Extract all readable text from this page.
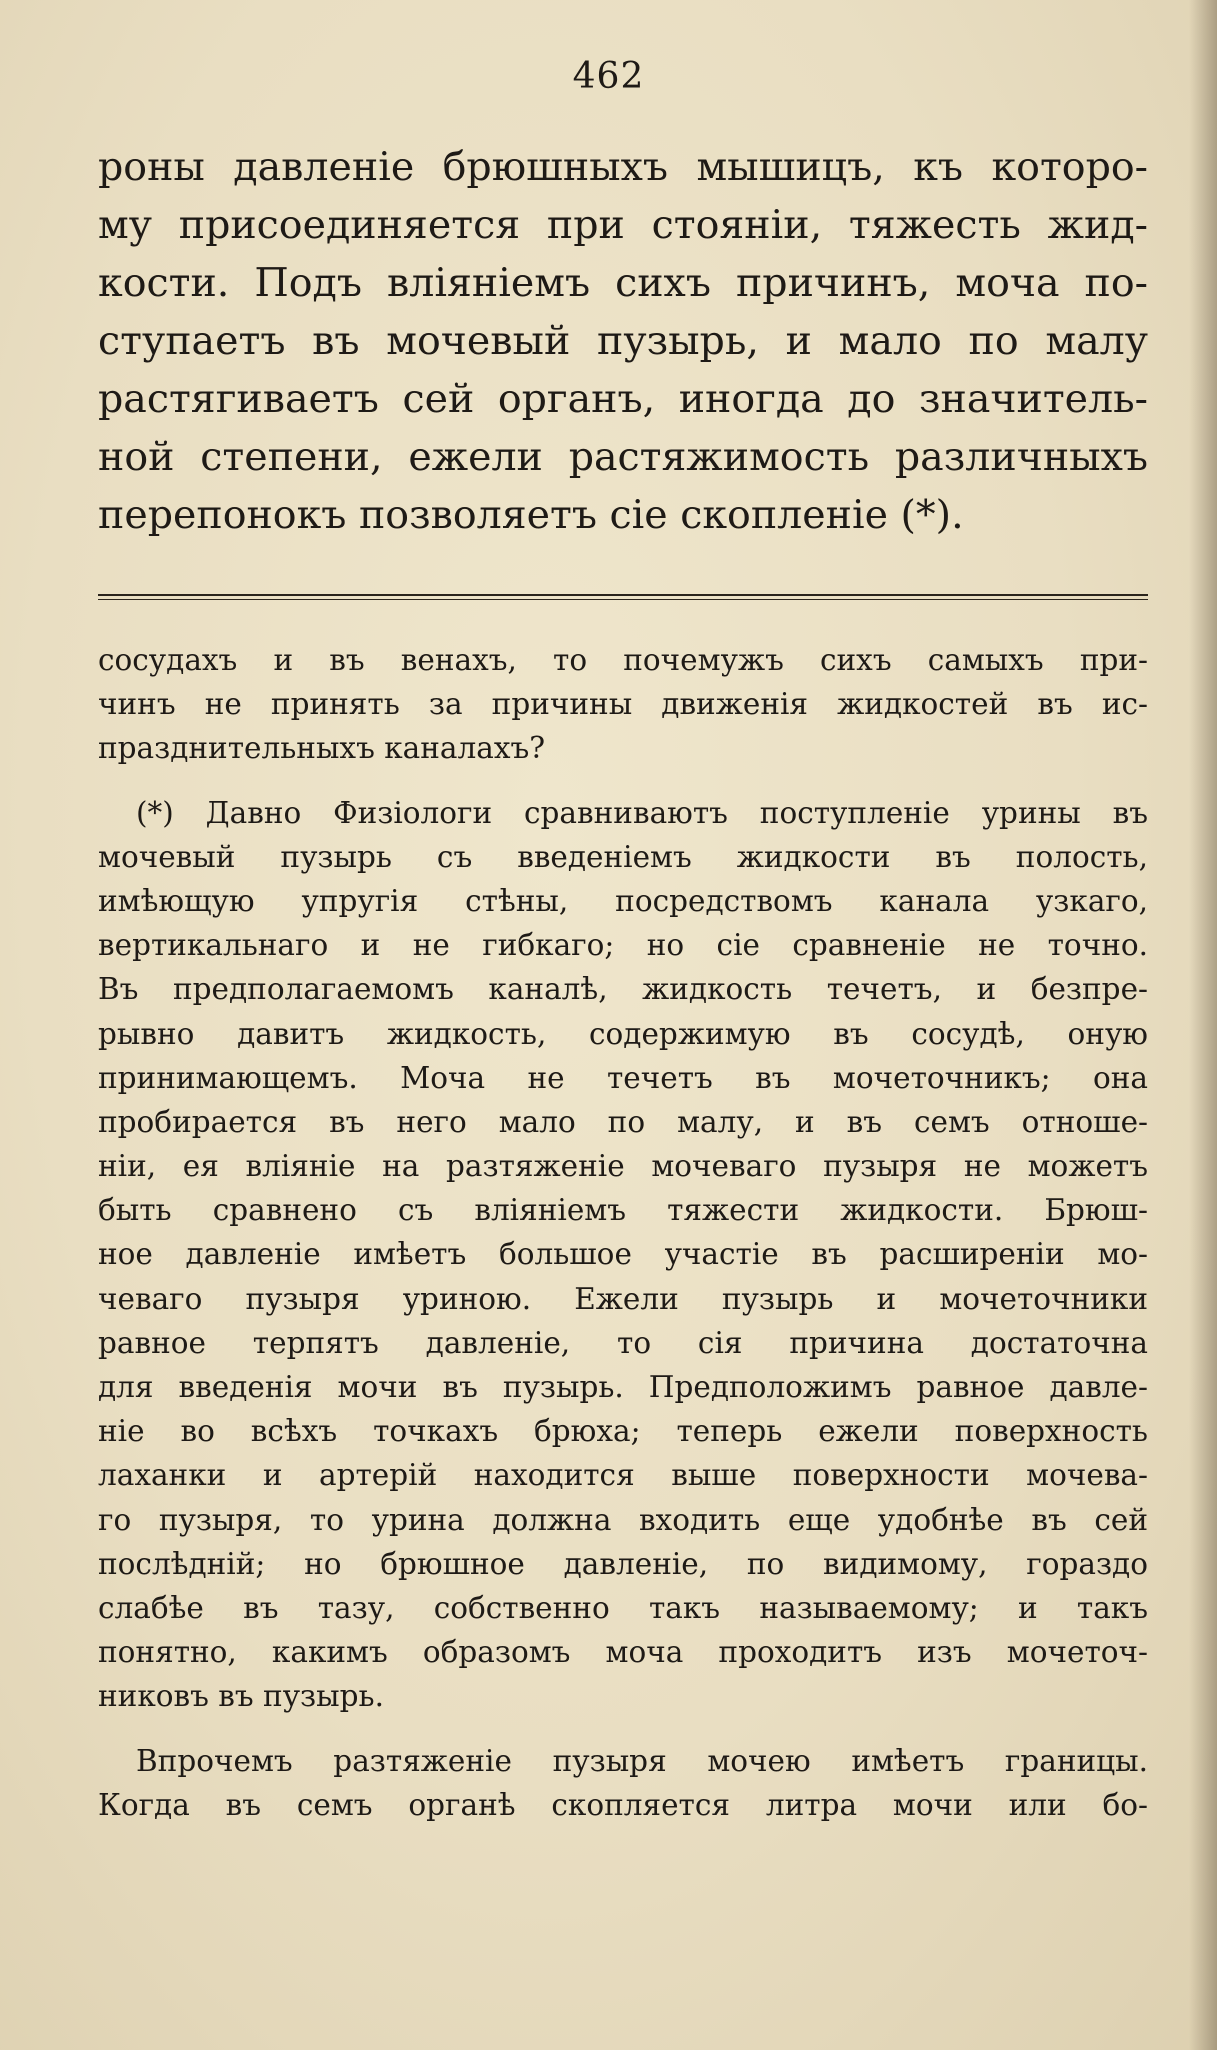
462
роны давленіе брюшныхъ мышицъ, къ которо-
му присоединяется при стояніи, тяжесть жид-
кости. Подъ вліяніемъ сихъ причинъ, моча по-
ступаетъ въ мочевый пузырь, и мало по малу
растягиваетъ сей органъ, иногда до значитель-
ной степени, ежели растяжимость различныхъ
перепонокъ позволяетъ сіе скопленіе (*).
сосудахъ и въ венахъ, то почемужъ сихъ самыхъ при-
чинъ не принять за причины движенія жидкостей въ ис-
празднительныхъ каналахъ?
(*) Давно Физіологи сравниваютъ поступленіе урины въ
мочевый пузырь съ введеніемъ жидкости въ полость,
имѣющую упругія стѣны, посредствомъ канала узкаго,
вертикальнаго и не гибкаго; но сіе сравненіе не точно.
Въ предполагаемомъ каналѣ, жидкость течетъ, и безпре-
рывно давитъ жидкость, содержимую въ сосудѣ, оную
принимающемъ. Моча не течетъ въ мочеточникъ; она
пробирается въ него мало по малу, и въ семъ отноше-
ніи, ея вліяніе на разтяженіе мочеваго пузыря не можетъ
быть сравнено съ вліяніемъ тяжести жидкости. Брюш-
ное давленіе имѣетъ большое участіе въ расширеніи мо-
чеваго пузыря уриною. Ежели пузырь и мочеточники
равное терпятъ давленіе, то сія причина достаточна
для введенія мочи въ пузырь. Предположимъ равное давле-
ніе во всѣхъ точкахъ брюха; теперь ежели поверхность
лаханки и артерій находится выше поверхности мочева-
го пузыря, то урина должна входить еще удобнѣе въ сей
послѣдній; но брюшное давленіе, по видимому, гораздо
слабѣе въ тазу, собственно такъ называемому; и такъ
понятно, какимъ образомъ моча проходитъ изъ мочеточ-
никовъ въ пузырь.
Впрочемъ разтяженіе пузыря мочею имѣетъ границы.
Когда въ семъ органѣ скопляется литра мочи или бо-
